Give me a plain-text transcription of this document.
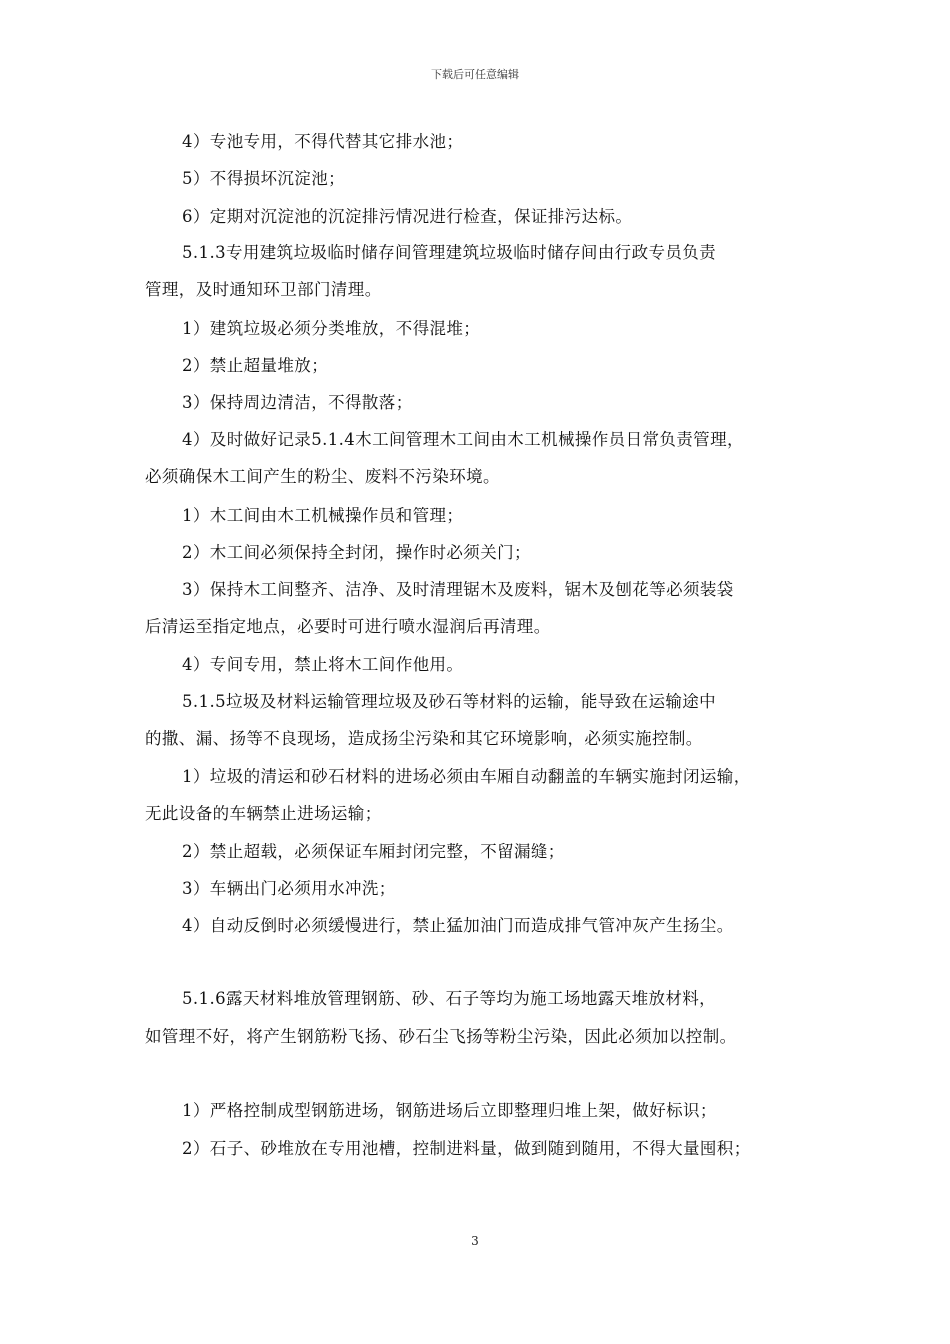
下载后可任意编辑
4）专池专用，不得代替其它排水池；
5）不得损坏沉淀池；
6）定期对沉淀池的沉淀排污情况进行检查，保证排污达标。
5.1.3专用建筑垃圾临时储存间管理建筑垃圾临时储存间由行政专员负责
管理，及时通知环卫部门清理。
1）建筑垃圾必须分类堆放，不得混堆；
2）禁止超量堆放；
3）保持周边清洁，不得散落；
4）及时做好记录5.1.4木工间管理木工间由木工机械操作员日常负责管理，
必须确保木工间产生的粉尘、废料不污染环境。
1）木工间由木工机械操作员和管理；
2）木工间必须保持全封闭，操作时必须关门；
3）保持木工间整齐、洁净、及时清理锯木及废料，锯木及刨花等必须装袋
后清运至指定地点，必要时可进行喷水湿润后再清理。
4）专间专用，禁止将木工间作他用。
5.1.5垃圾及材料运输管理垃圾及砂石等材料的运输，能导致在运输途中
的撒、漏、扬等不良现场，造成扬尘污染和其它环境影响，必须实施控制。
1）垃圾的清运和砂石材料的进场必须由车厢自动翻盖的车辆实施封闭运输，
无此设备的车辆禁止进场运输；
2）禁止超载，必须保证车厢封闭完整，不留漏缝；
3）车辆出门必须用水冲洗；
4）自动反倒时必须缓慢进行，禁止猛加油门而造成排气管冲灰产生扬尘。
5.1.6露天材料堆放管理钢筋、砂、石子等均为施工场地露天堆放材料，
如管理不好，将产生钢筋粉飞扬、砂石尘飞扬等粉尘污染，因此必须加以控制。
1）严格控制成型钢筋进场，钢筋进场后立即整理归堆上架，做好标识；
2）石子、砂堆放在专用池槽，控制进料量，做到随到随用，不得大量囤积；
3
